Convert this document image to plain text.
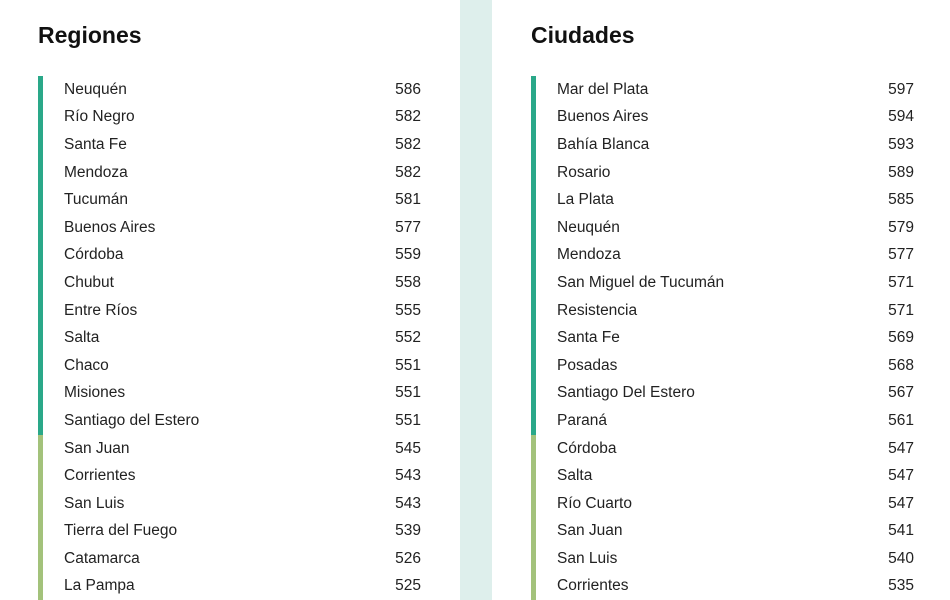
Regiones
Neuquén	586
Río Negro	582
Santa Fe	582
Mendoza	582
Tucumán	581
Buenos Aires	577
Córdoba	559
Chubut	558
Entre Ríos	555
Salta	552
Chaco	551
Misiones	551
Santiago del Estero	551
San Juan	545
Corrientes	543
San Luis	543
Tierra del Fuego	539
Catamarca	526
La Pampa	525
Ciudades
Mar del Plata	597
Buenos Aires	594
Bahía Blanca	593
Rosario	589
La Plata	585
Neuquén	579
Mendoza	577
San Miguel de Tucumán	571
Resistencia	571
Santa Fe	569
Posadas	568
Santiago Del Estero	567
Paraná	561
Córdoba	547
Salta	547
Río Cuarto	547
San Juan	541
San Luis	540
Corrientes	535
